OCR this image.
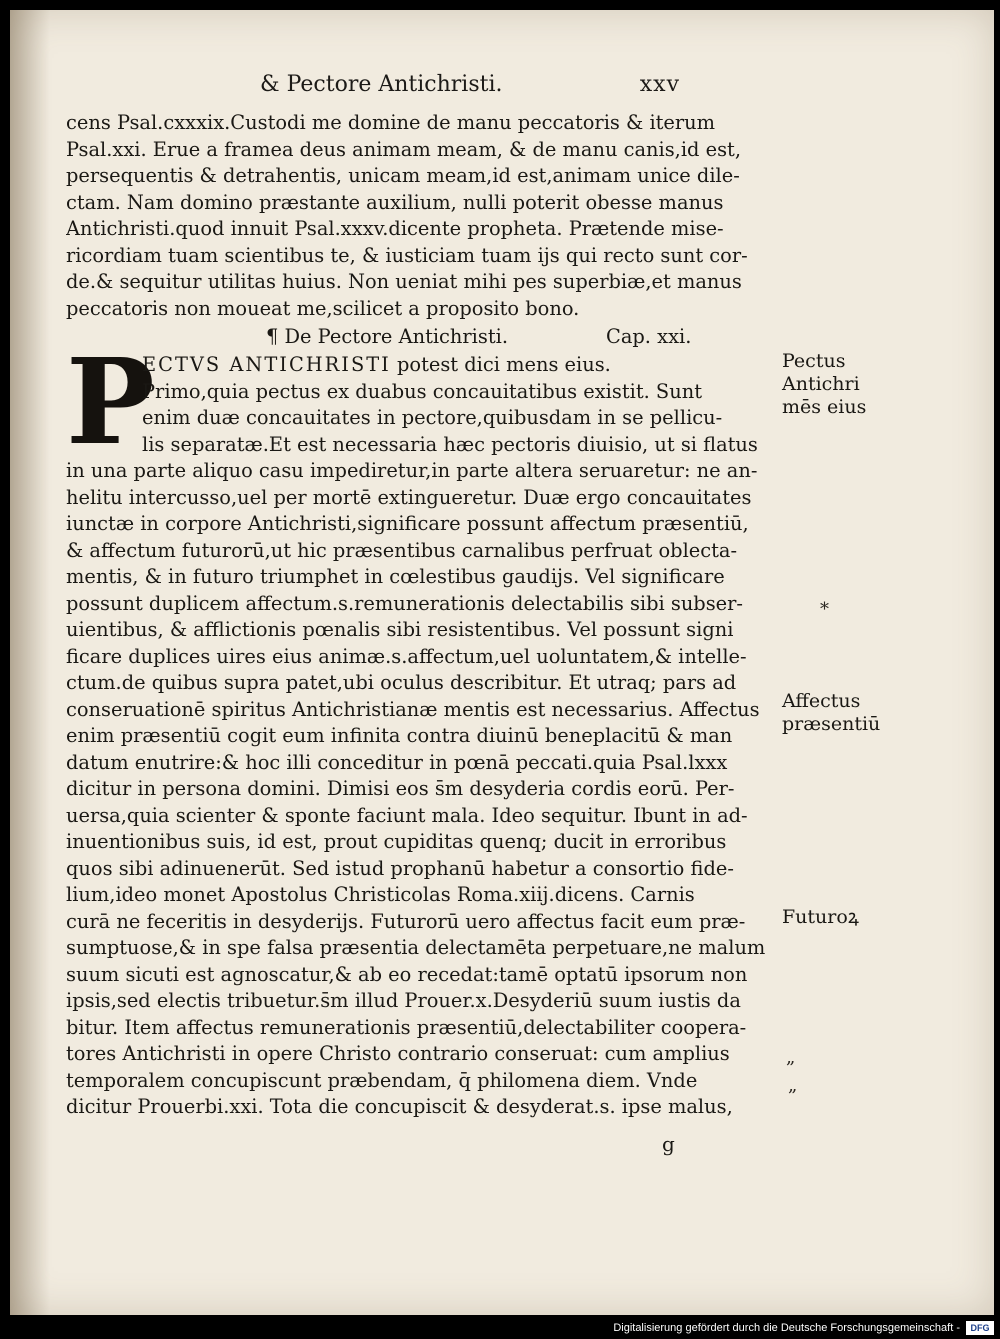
& Pectore Antichristi.	xxv
cens Psal.cxxxix.Custodi me domine de manu peccatoris & iterum
Psal.xxi. Erue a framea deus animam meam, & de manu canis,id est,
persequentis & detrahentis, unicam meam,id est,animam unice dile-
ctam. Nam domino præstante auxilium, nulli poterit obesse manus
Antichristi.quod innuit Psal.xxxv.dicente propheta. Prætende mise-
ricordiam tuam scientibus te, & iusticiam tuam ijs qui recto sunt cor-
de.& sequitur utilitas huius. Non ueniat mihi pes superbiæ,et manus
peccatoris non moueat me,scilicet a proposito bono.
¶ De Pectore Antichristi.	Cap. xxi.
P
ECTVS ANTICHRISTI potest dici mens eius.
Primo,quia pectus ex duabus concauitatibus existit. Sunt
enim duæ concauitates in pectore,quibusdam in se pellicu-
lis separatæ.Et est necessaria hæc pectoris diuisio, ut si flatus
in una parte aliquo casu impediretur,in parte altera seruaretur: ne an-
helitu intercusso,uel per mortē extingueretur. Duæ ergo concauitates
iunctæ in corpore Antichristi,significare possunt affectum præsentiū,
& affectum futurorū,ut hic præsentibus carnalibus perfruat oblecta-
mentis, & in futuro triumphet in cœlestibus gaudijs. Vel significare
possunt duplicem affectum.s.remunerationis delectabilis sibi subser-
uientibus, & afflictionis pœnalis sibi resistentibus. Vel possunt signi
ficare duplices uires eius animæ.s.affectum,uel uoluntatem,& intelle-
ctum.de quibus supra patet,ubi oculus describitur. Et utraq; pars ad
conseruationē spiritus Antichristianæ mentis est necessarius. Affectus
enim præsentiū cogit eum infinita contra diuinū beneplacitū & man
datum enutrire:& hoc illi conceditur in pœnā peccati.quia Psal.lxxx
dicitur in persona domini. Dimisi eos s̄m desyderia cordis eorū. Per-
uersa,quia scienter & sponte faciunt mala. Ideo sequitur. Ibunt in ad-
inuentionibus suis, id est, prout cupiditas quenq; ducit in erroribus
quos sibi adinuenerūt. Sed istud prophanū habetur a consortio fide-
lium,ideo monet Apostolus Christicolas Roma.xiij.dicens. Carnis
curā ne feceritis in desyderijs. Futurorū uero affectus facit eum præ-
sumptuose,& in spe falsa præsentia delectamēta perpetuare,ne malum
suum sicuti est agnoscatur,& ab eo recedat:tamē optatū ipsorum non
ipsis,sed electis tribuetur.s̄m illud Prouer.x.Desyderiū suum iustis da
bitur. Item affectus remunerationis præsentiū,delectabiliter coopera-
tores Antichristi in opere Christo contrario conseruat: cum amplius
temporalem concupiscunt præbendam, q̄ philomena diem. Vnde
dicitur Prouerbi.xxi. Tota die concupiscit & desyderat.s. ipse malus,
Pectus
Antichri
mēs eius
Affectus
præsentiū
Futuroꝝ
*
„
„
g
Digitalisierung gefördert durch die Deutsche Forschungsgemeinschaft -	DFG
